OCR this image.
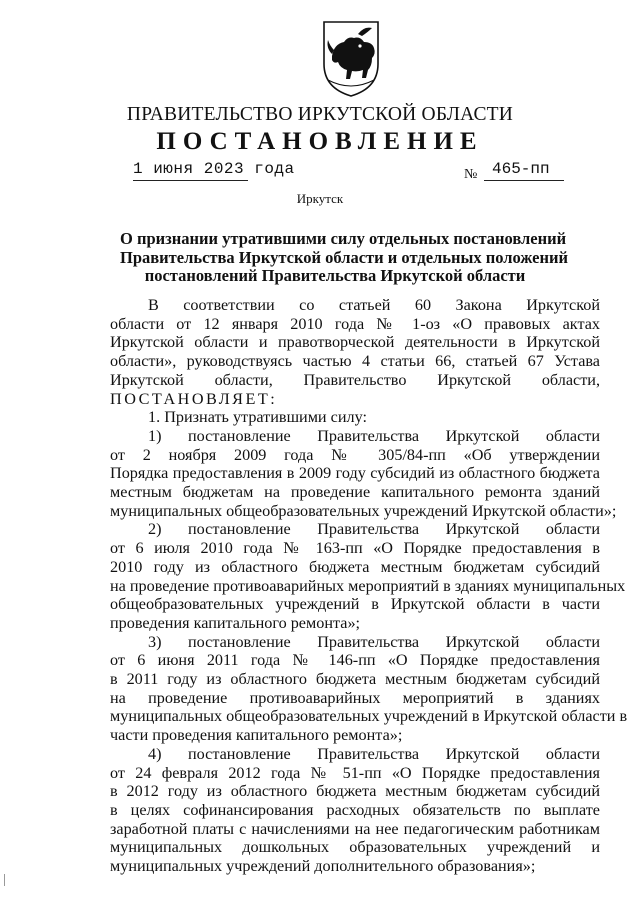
ПРАВИТЕЛЬСТВО ИРКУТСКОЙ ОБЛАСТИ
ПОСТАНОВЛЕНИЕ
1 июня 2023 года	№ 465-пп
Иркутск
О признании утратившими силу отдельных постановлений
Правительства Иркутской области и отдельных положений
постановлений Правительства Иркутской области
В соответствии со статьей 60 Закона Иркутской
области от 12 января 2010 года № 1-оз «О правовых актах
Иркутской области и правотворческой деятельности в Иркутской
области», руководствуясь частью 4 статьи 66, статьей 67 Устава
Иркутской области, Правительство Иркутской области,
ПОСТАНОВЛЯЕТ:
1. Признать утратившими силу:
1) постановление Правительства Иркутской области
от 2 ноября 2009 года № 305/84-пп «Об утверждении
Порядка предоставления в 2009 году субсидий из областного бюджета
местным бюджетам на проведение капитального ремонта зданий
муниципальных общеобразовательных учреждений Иркутской области»;
2) постановление Правительства Иркутской области
от 6 июля 2010 года № 163-пп «О Порядке предоставления в
2010 году из областного бюджета местным бюджетам субсидий
на проведение противоаварийных мероприятий в зданиях муниципальных
общеобразовательных учреждений в Иркутской области в части
проведения капитального ремонта»;
3) постановление Правительства Иркутской области
от 6 июня 2011 года № 146-пп «О Порядке предоставления
в 2011 году из областного бюджета местным бюджетам субсидий
на проведение противоаварийных мероприятий в зданиях
муниципальных общеобразовательных учреждений в Иркутской области в
части проведения капитального ремонта»;
4) постановление Правительства Иркутской области
от 24 февраля 2012 года № 51-пп «О Порядке предоставления
в 2012 году из областного бюджета местным бюджетам субсидий
в целях софинансирования расходных обязательств по выплате
заработной платы с начислениями на нее педагогическим работникам
муниципальных дошкольных образовательных учреждений и
муниципальных учреждений дополнительного образования»;
